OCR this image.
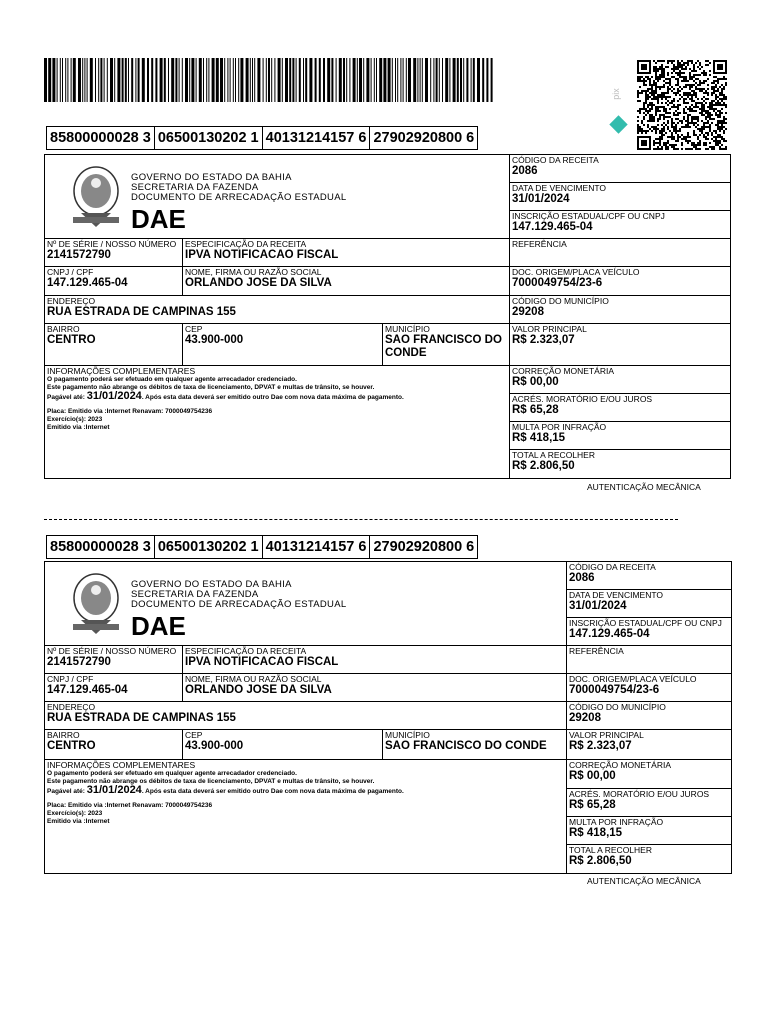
pix
85800000028 3 06500130202 1 40131214157 6 27902920800 6
GOVERNO DO ESTADO DA BAHIA
SECRETARIA DA FAZENDA
DOCUMENTO DE ARRECADAÇÃO ESTADUAL
DAE
CÓDIGO DA RECEITA
2086
DATA DE VENCIMENTO
31/01/2024
INSCRIÇÃO ESTADUAL/CPF OU CNPJ
147.129.465-04
Nº DE SÉRIE / NOSSO NÚMERO
2141572790
ESPECIFICAÇÃO DA RECEITA
IPVA NOTIFICACAO FISCAL
REFERÊNCIA
CNPJ / CPF
147.129.465-04
NOME, FIRMA OU RAZÃO SOCIAL
ORLANDO JOSE DA SILVA
DOC. ORIGEM/PLACA VEÍCULO
7000049754/23-6
ENDEREÇO
RUA ESTRADA DE CAMPINAS 155
CÓDIGO DO MUNICÍPIO
29208
BAIRRO
CENTRO
CEP
43.900-000
MUNICÍPIO
SAO FRANCISCO DO CONDE
VALOR PRINCIPAL
R$ 2.323,07
INFORMAÇÕES COMPLEMENTARES

O pagamento poderá ser efetuado em qualquer agente arrecadador credenciado.

Este pagamento não abrange os débitos de taxa de licenciamento, DPVAT e multas de trânsito, se houver.

Pagável até: 31/01/2024. Após esta data deverá ser emitido outro Dae com nova data máxima de pagamento.

Placa: Emitido via :Internet Renavam: 70000497542​36

Exercício(s): 2023

Emitido via :Internet

CORREÇÃO MONETÁRIA
R$ 00,00
ACRÉS. MORATÓRIO E/OU JUROS
R$ 65,28
MULTA POR INFRAÇÃO
R$ 418,15
TOTAL A RECOLHER
R$ 2.806,50
AUTENTICAÇÃO MECÂNICA
85800000028 3 06500130202 1 40131214157 6 27902920800 6
GOVERNO DO ESTADO DA BAHIA
SECRETARIA DA FAZENDA
DOCUMENTO DE ARRECADAÇÃO ESTADUAL
DAE
CÓDIGO DA RECEITA
2086
DATA DE VENCIMENTO
31/01/2024
INSCRIÇÃO ESTADUAL/CPF OU CNPJ
147.129.465-04
Nº DE SÉRIE / NOSSO NÚMERO
2141572790
ESPECIFICAÇÃO DA RECEITA
IPVA NOTIFICACAO FISCAL
REFERÊNCIA
CNPJ / CPF
147.129.465-04
NOME, FIRMA OU RAZÃO SOCIAL
ORLANDO JOSE DA SILVA
DOC. ORIGEM/PLACA VEÍCULO
7000049754/23-6
ENDEREÇO
RUA ESTRADA DE CAMPINAS 155
CÓDIGO DO MUNICÍPIO
29208
BAIRRO
CENTRO
CEP
43.900-000
MUNICÍPIO
SAO FRANCISCO DO CONDE
VALOR PRINCIPAL
R$ 2.323,07
INFORMAÇÕES COMPLEMENTARES

O pagamento poderá ser efetuado em qualquer agente arrecadador credenciado.

Este pagamento não abrange os débitos de taxa de licenciamento, DPVAT e multas de trânsito, se houver.

Pagável até: 31/01/2024. Após esta data deverá ser emitido outro Dae com nova data máxima de pagamento.

Placa: Emitido via :Internet Renavam: 70000497542​36

Exercício(s): 2023

Emitido via :Internet

CORREÇÃO MONETÁRIA
R$ 00,00
ACRÉS. MORATÓRIO E/OU JUROS
R$ 65,28
MULTA POR INFRAÇÃO
R$ 418,15
TOTAL A RECOLHER
R$ 2.806,50
AUTENTICAÇÃO MECÂNICA
